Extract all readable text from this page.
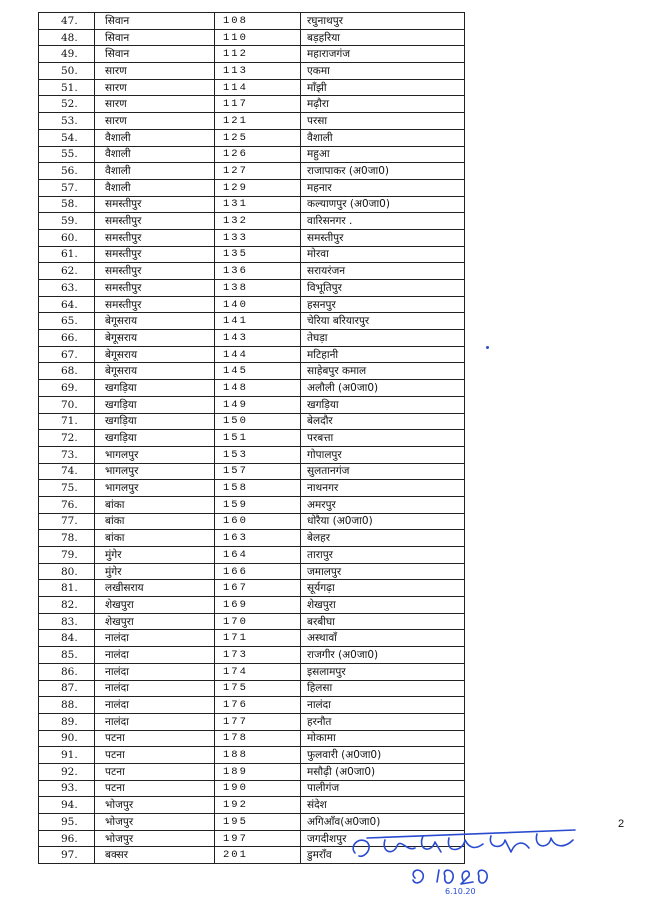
47.	सिवान	108	रघुनाथपुर
48.	सिवान	110	बड़हरिया
49.	सिवान	112	महाराजगंज
50.	सारण	113	एकमा
51.	सारण	114	माँझी
52.	सारण	117	मढ़ौरा
53.	सारण	121	परसा
54.	वैशाली	125	वैशाली
55.	वैशाली	126	महुआ
56.	वैशाली	127	राजापाकर (अ0जा0)
57.	वैशाली	129	महनार
58.	समस्तीपुर	131	कल्याणपुर (अ0जा0)
59.	समस्तीपुर	132	वारिसनगर .
60.	समस्तीपुर	133	समस्तीपुर
61.	समस्तीपुर	135	मोरवा
62.	समस्तीपुर	136	सरायरंजन
63.	समस्तीपुर	138	विभूतिपुर
64.	समस्तीपुर	140	हसनपुर
65.	बेगूसराय	141	चेरिया बरियारपुर
66.	बेगूसराय	143	तेघड़ा
67.	बेगूसराय	144	मटिहानी
68.	बेगूसराय	145	साहेबपुर कमाल
69.	खगड़िया	148	अलौली (अ0जा0)
70.	खगड़िया	149	खगड़िया
71.	खगड़िया	150	बेलदौर
72.	खगड़िया	151	परबत्ता
73.	भागलपुर	153	गोपालपुर
74.	भागलपुर	157	सुलतानगंज
75.	भागलपुर	158	नाथनगर
76.	बांका	159	अमरपुर
77.	बांका	160	धोरैया (अ0जा0)
78.	बांका	163	बेलहर
79.	मुंगेर	164	तारापुर
80.	मुंगेर	166	जमालपुर
81.	लखीसराय	167	सूर्यगढ़ा
82.	शेखपुरा	169	शेखपुरा
83.	शेखपुरा	170	बरबीघा
84.	नालंदा	171	अस्थावाँ
85.	नालंदा	173	राजगीर (अ0जा0)
86.	नालंदा	174	इसलामपुर
87.	नालंदा	175	हिलसा
88.	नालंदा	176	नालंदा
89.	नालंदा	177	हरनौत
90.	पटना	178	मोकामा
91.	पटना	188	फुलवारी (अ0जा0)
92.	पटना	189	मसौढ़ी (अ0जा0)
93.	पटना	190	पालीगंज
94.	भोजपुर	192	संदेश
95.	भोजपुर	195	अगिआँव(अ0जा0)
96.	भोजपुर	197	जगदीशपुर
97.	बक्सर	201	डुमराँव
2
6.10.20
